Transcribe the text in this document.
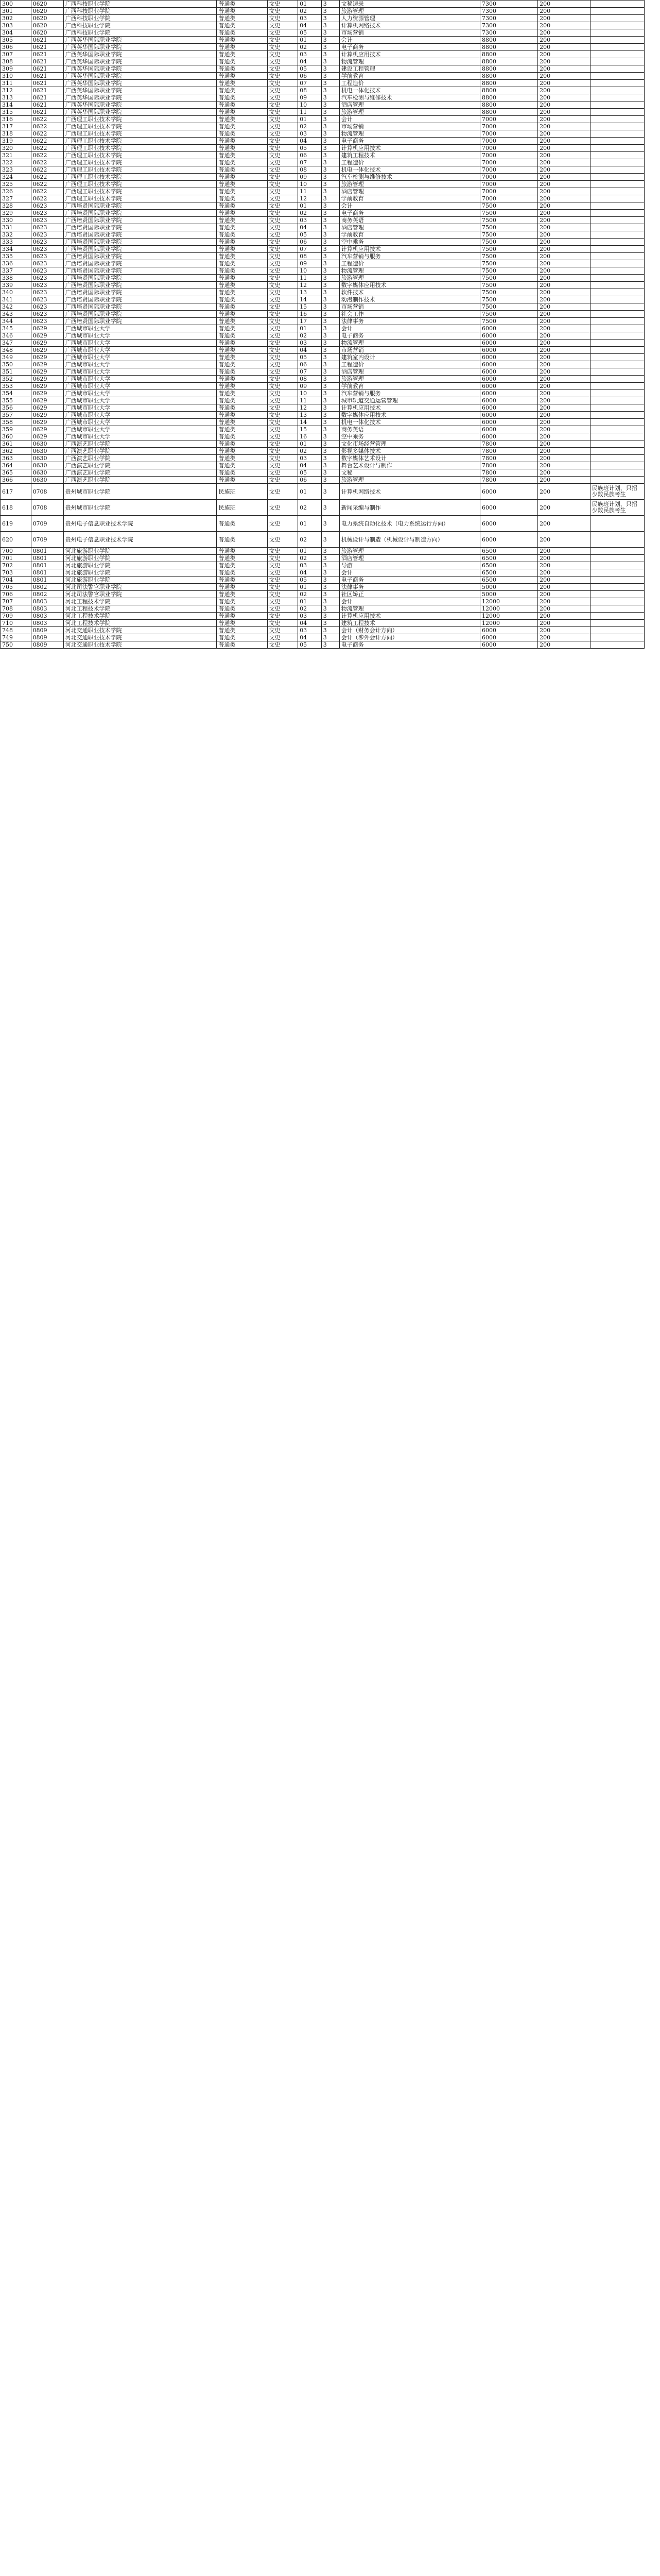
300	0620	广西科技职业学院	普通类	文史	01	3	文秘速录	7300	200	
301	0620	广西科技职业学院	普通类	文史	02	3	旅游管理	7300	200	
302	0620	广西科技职业学院	普通类	文史	03	3	人力资源管理	7300	200	
303	0620	广西科技职业学院	普通类	文史	04	3	计算机网络技术	7300	200	
304	0620	广西科技职业学院	普通类	文史	05	3	市场营销	7300	200	
305	0621	广西英华国际职业学院	普通类	文史	01	3	会计	8800	200	
306	0621	广西英华国际职业学院	普通类	文史	02	3	电子商务	8800	200	
307	0621	广西英华国际职业学院	普通类	文史	03	3	计算机应用技术	8800	200	
308	0621	广西英华国际职业学院	普通类	文史	04	3	物流管理	8800	200	
309	0621	广西英华国际职业学院	普通类	文史	05	3	建设工程管理	8800	200	
310	0621	广西英华国际职业学院	普通类	文史	06	3	学前教育	8800	200	
311	0621	广西英华国际职业学院	普通类	文史	07	3	工程造价	8800	200	
312	0621	广西英华国际职业学院	普通类	文史	08	3	机电一体化技术	8800	200	
313	0621	广西英华国际职业学院	普通类	文史	09	3	汽车检测与维修技术	8800	200	
314	0621	广西英华国际职业学院	普通类	文史	10	3	酒店管理	8800	200	
315	0621	广西英华国际职业学院	普通类	文史	11	3	旅游管理	8800	200	
316	0622	广西理工职业技术学院	普通类	文史	01	3	会计	7000	200	
317	0622	广西理工职业技术学院	普通类	文史	02	3	市场营销	7000	200	
318	0622	广西理工职业技术学院	普通类	文史	03	3	物流管理	7000	200	
319	0622	广西理工职业技术学院	普通类	文史	04	3	电子商务	7000	200	
320	0622	广西理工职业技术学院	普通类	文史	05	3	计算机应用技术	7000	200	
321	0622	广西理工职业技术学院	普通类	文史	06	3	建筑工程技术	7000	200	
322	0622	广西理工职业技术学院	普通类	文史	07	3	工程造价	7000	200	
323	0622	广西理工职业技术学院	普通类	文史	08	3	机电一体化技术	7000	200	
324	0622	广西理工职业技术学院	普通类	文史	09	3	汽车检测与维修技术	7000	200	
325	0622	广西理工职业技术学院	普通类	文史	10	3	旅游管理	7000	200	
326	0622	广西理工职业技术学院	普通类	文史	11	3	酒店管理	7000	200	
327	0622	广西理工职业技术学院	普通类	文史	12	3	学前教育	7000	200	
328	0623	广西培贤国际职业学院	普通类	文史	01	3	会计	7500	200	
329	0623	广西培贤国际职业学院	普通类	文史	02	3	电子商务	7500	200	
330	0623	广西培贤国际职业学院	普通类	文史	03	3	商务英语	7500	200	
331	0623	广西培贤国际职业学院	普通类	文史	04	3	酒店管理	7500	200	
332	0623	广西培贤国际职业学院	普通类	文史	05	3	学前教育	7500	200	
333	0623	广西培贤国际职业学院	普通类	文史	06	3	空中乘务	7500	200	
334	0623	广西培贤国际职业学院	普通类	文史	07	3	计算机应用技术	7500	200	
335	0623	广西培贤国际职业学院	普通类	文史	08	3	汽车营销与服务	7500	200	
336	0623	广西培贤国际职业学院	普通类	文史	09	3	工程造价	7500	200	
337	0623	广西培贤国际职业学院	普通类	文史	10	3	物流管理	7500	200	
338	0623	广西培贤国际职业学院	普通类	文史	11	3	旅游管理	7500	200	
339	0623	广西培贤国际职业学院	普通类	文史	12	3	数字媒体应用技术	7500	200	
340	0623	广西培贤国际职业学院	普通类	文史	13	3	软件技术	7500	200	
341	0623	广西培贤国际职业学院	普通类	文史	14	3	动漫制作技术	7500	200	
342	0623	广西培贤国际职业学院	普通类	文史	15	3	市场营销	7500	200	
343	0623	广西培贤国际职业学院	普通类	文史	16	3	社会工作	7500	200	
344	0623	广西培贤国际职业学院	普通类	文史	17	3	法律事务	7500	200	
345	0629	广西城市职业大学	普通类	文史	01	3	会计	6000	200	
346	0629	广西城市职业大学	普通类	文史	02	3	电子商务	6000	200	
347	0629	广西城市职业大学	普通类	文史	03	3	物流管理	6000	200	
348	0629	广西城市职业大学	普通类	文史	04	3	市场营销	6000	200	
349	0629	广西城市职业大学	普通类	文史	05	3	建筑室内设计	6000	200	
350	0629	广西城市职业大学	普通类	文史	06	3	工程造价	6000	200	
351	0629	广西城市职业大学	普通类	文史	07	3	酒店管理	6000	200	
352	0629	广西城市职业大学	普通类	文史	08	3	旅游管理	6000	200	
353	0629	广西城市职业大学	普通类	文史	09	3	学前教育	6000	200	
354	0629	广西城市职业大学	普通类	文史	10	3	汽车营销与服务	6000	200	
355	0629	广西城市职业大学	普通类	文史	11	3	城市轨道交通运营管理	6000	200	
356	0629	广西城市职业大学	普通类	文史	12	3	计算机应用技术	6000	200	
357	0629	广西城市职业大学	普通类	文史	13	3	数字媒体应用技术	6000	200	
358	0629	广西城市职业大学	普通类	文史	14	3	机电一体化技术	6000	200	
359	0629	广西城市职业大学	普通类	文史	15	3	商务英语	6000	200	
360	0629	广西城市职业大学	普通类	文史	16	3	空中乘务	6000	200	
361	0630	广西演艺职业学院	普通类	文史	01	3	文化市场经营管理	7800	200	
362	0630	广西演艺职业学院	普通类	文史	02	3	影视多媒体技术	7800	200	
363	0630	广西演艺职业学院	普通类	文史	03	3	数字媒体艺术设计	7800	200	
364	0630	广西演艺职业学院	普通类	文史	04	3	舞台艺术设计与制作	7800	200	
365	0630	广西演艺职业学院	普通类	文史	05	3	文秘	7800	200	
366	0630	广西演艺职业学院	普通类	文史	06	3	旅游管理	7800	200	
617	0708	贵州城市职业学院	民族班	文史	01	3	计算机网络技术	6000	200	民族班计划，只招少数民族考生
618	0708	贵州城市职业学院	民族班	文史	02	3	新闻采编与制作	6000	200	民族班计划，只招少数民族考生
619	0709	贵州电子信息职业技术学院	普通类	文史	01	3	电力系统自动化技术（电力系统运行方向）	6000	200	
620	0709	贵州电子信息职业技术学院	普通类	文史	02	3	机械设计与制造（机械设计与制造方向）	6000	200	
700	0801	河北旅游职业学院	普通类	文史	01	3	旅游管理	6500	200	
701	0801	河北旅游职业学院	普通类	文史	02	3	酒店管理	6500	200	
702	0801	河北旅游职业学院	普通类	文史	03	3	导游	6500	200	
703	0801	河北旅游职业学院	普通类	文史	04	3	会计	6500	200	
704	0801	河北旅游职业学院	普通类	文史	05	3	电子商务	6500	200	
705	0802	河北司法警官职业学院	普通类	文史	01	3	法律事务	5000	200	
706	0802	河北司法警官职业学院	普通类	文史	02	3	社区矫正	5000	200	
707	0803	河北工程技术学院	普通类	文史	01	3	会计	12000	200	
708	0803	河北工程技术学院	普通类	文史	02	3	物流管理	12000	200	
709	0803	河北工程技术学院	普通类	文史	03	3	计算机应用技术	12000	200	
710	0803	河北工程技术学院	普通类	文史	04	3	建筑工程技术	12000	200	
748	0809	河北交通职业技术学院	普通类	文史	03	3	会计（财务会计方向）	6000	200	
749	0809	河北交通职业技术学院	普通类	文史	04	3	会计（涉外会计方向）	6000	200	
750	0809	河北交通职业技术学院	普通类	文史	05	3	电子商务	6000	200	
